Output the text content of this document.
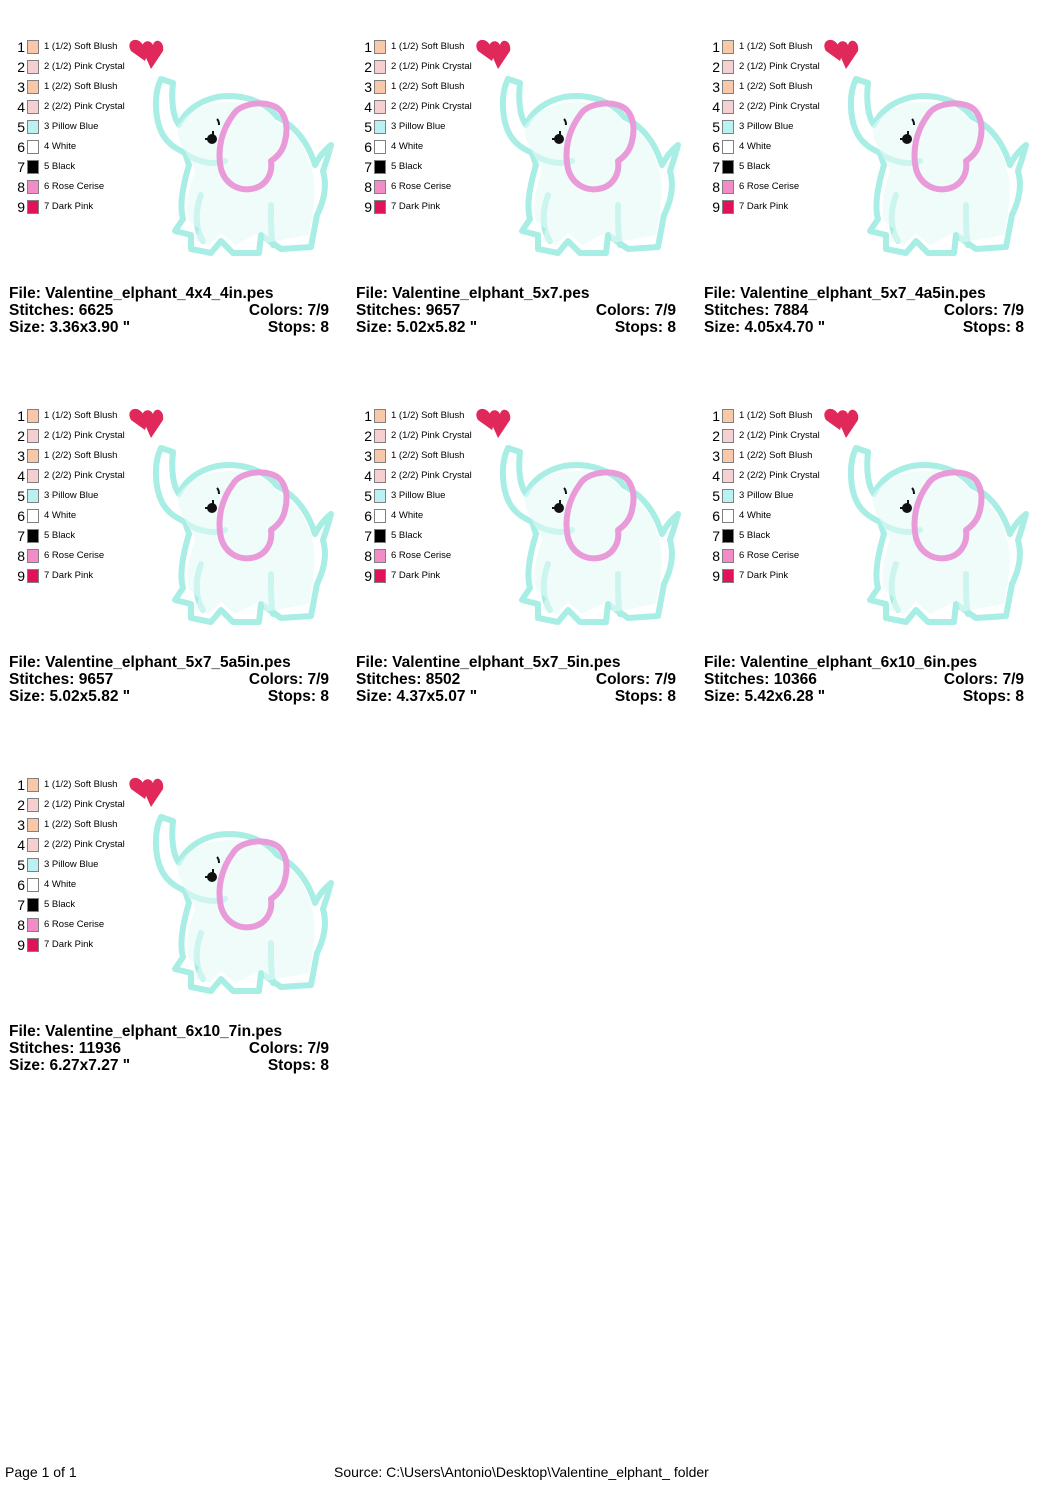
1 1 (1/2) Soft Blush
2 2 (1/2) Pink Crystal
3 1 (2/2) Soft Blush
4 2 (2/2) Pink Crystal
5 3 Pillow Blue
6 4 White
7 5 Black
8 6 Rose Cerise
9 7 Dark Pink
File: Valentine_elphant_4x4_4in.pes
Stitches: 6625	Colors: 7/9
Size: 3.36x3.90 "	Stops: 8
1 1 (1/2) Soft Blush
2 2 (1/2) Pink Crystal
3 1 (2/2) Soft Blush
4 2 (2/2) Pink Crystal
5 3 Pillow Blue
6 4 White
7 5 Black
8 6 Rose Cerise
9 7 Dark Pink
File: Valentine_elphant_5x7.pes
Stitches: 9657	Colors: 7/9
Size: 5.02x5.82 "	Stops: 8
1 1 (1/2) Soft Blush
2 2 (1/2) Pink Crystal
3 1 (2/2) Soft Blush
4 2 (2/2) Pink Crystal
5 3 Pillow Blue
6 4 White
7 5 Black
8 6 Rose Cerise
9 7 Dark Pink
File: Valentine_elphant_5x7_4a5in.pes
Stitches: 7884	Colors: 7/9
Size: 4.05x4.70 "	Stops: 8
1 1 (1/2) Soft Blush
2 2 (1/2) Pink Crystal
3 1 (2/2) Soft Blush
4 2 (2/2) Pink Crystal
5 3 Pillow Blue
6 4 White
7 5 Black
8 6 Rose Cerise
9 7 Dark Pink
File: Valentine_elphant_5x7_5a5in.pes
Stitches: 9657	Colors: 7/9
Size: 5.02x5.82 "	Stops: 8
1 1 (1/2) Soft Blush
2 2 (1/2) Pink Crystal
3 1 (2/2) Soft Blush
4 2 (2/2) Pink Crystal
5 3 Pillow Blue
6 4 White
7 5 Black
8 6 Rose Cerise
9 7 Dark Pink
File: Valentine_elphant_5x7_5in.pes
Stitches: 8502	Colors: 7/9
Size: 4.37x5.07 "	Stops: 8
1 1 (1/2) Soft Blush
2 2 (1/2) Pink Crystal
3 1 (2/2) Soft Blush
4 2 (2/2) Pink Crystal
5 3 Pillow Blue
6 4 White
7 5 Black
8 6 Rose Cerise
9 7 Dark Pink
File: Valentine_elphant_6x10_6in.pes
Stitches: 10366	Colors: 7/9
Size: 5.42x6.28 "	Stops: 8
1 1 (1/2) Soft Blush
2 2 (1/2) Pink Crystal
3 1 (2/2) Soft Blush
4 2 (2/2) Pink Crystal
5 3 Pillow Blue
6 4 White
7 5 Black
8 6 Rose Cerise
9 7 Dark Pink
File: Valentine_elphant_6x10_7in.pes
Stitches: 11936	Colors: 7/9
Size: 6.27x7.27 "	Stops: 8
Page 1 of 1	Source: C:\Users\Antonio\Desktop\Valentine_elphant_ folder
